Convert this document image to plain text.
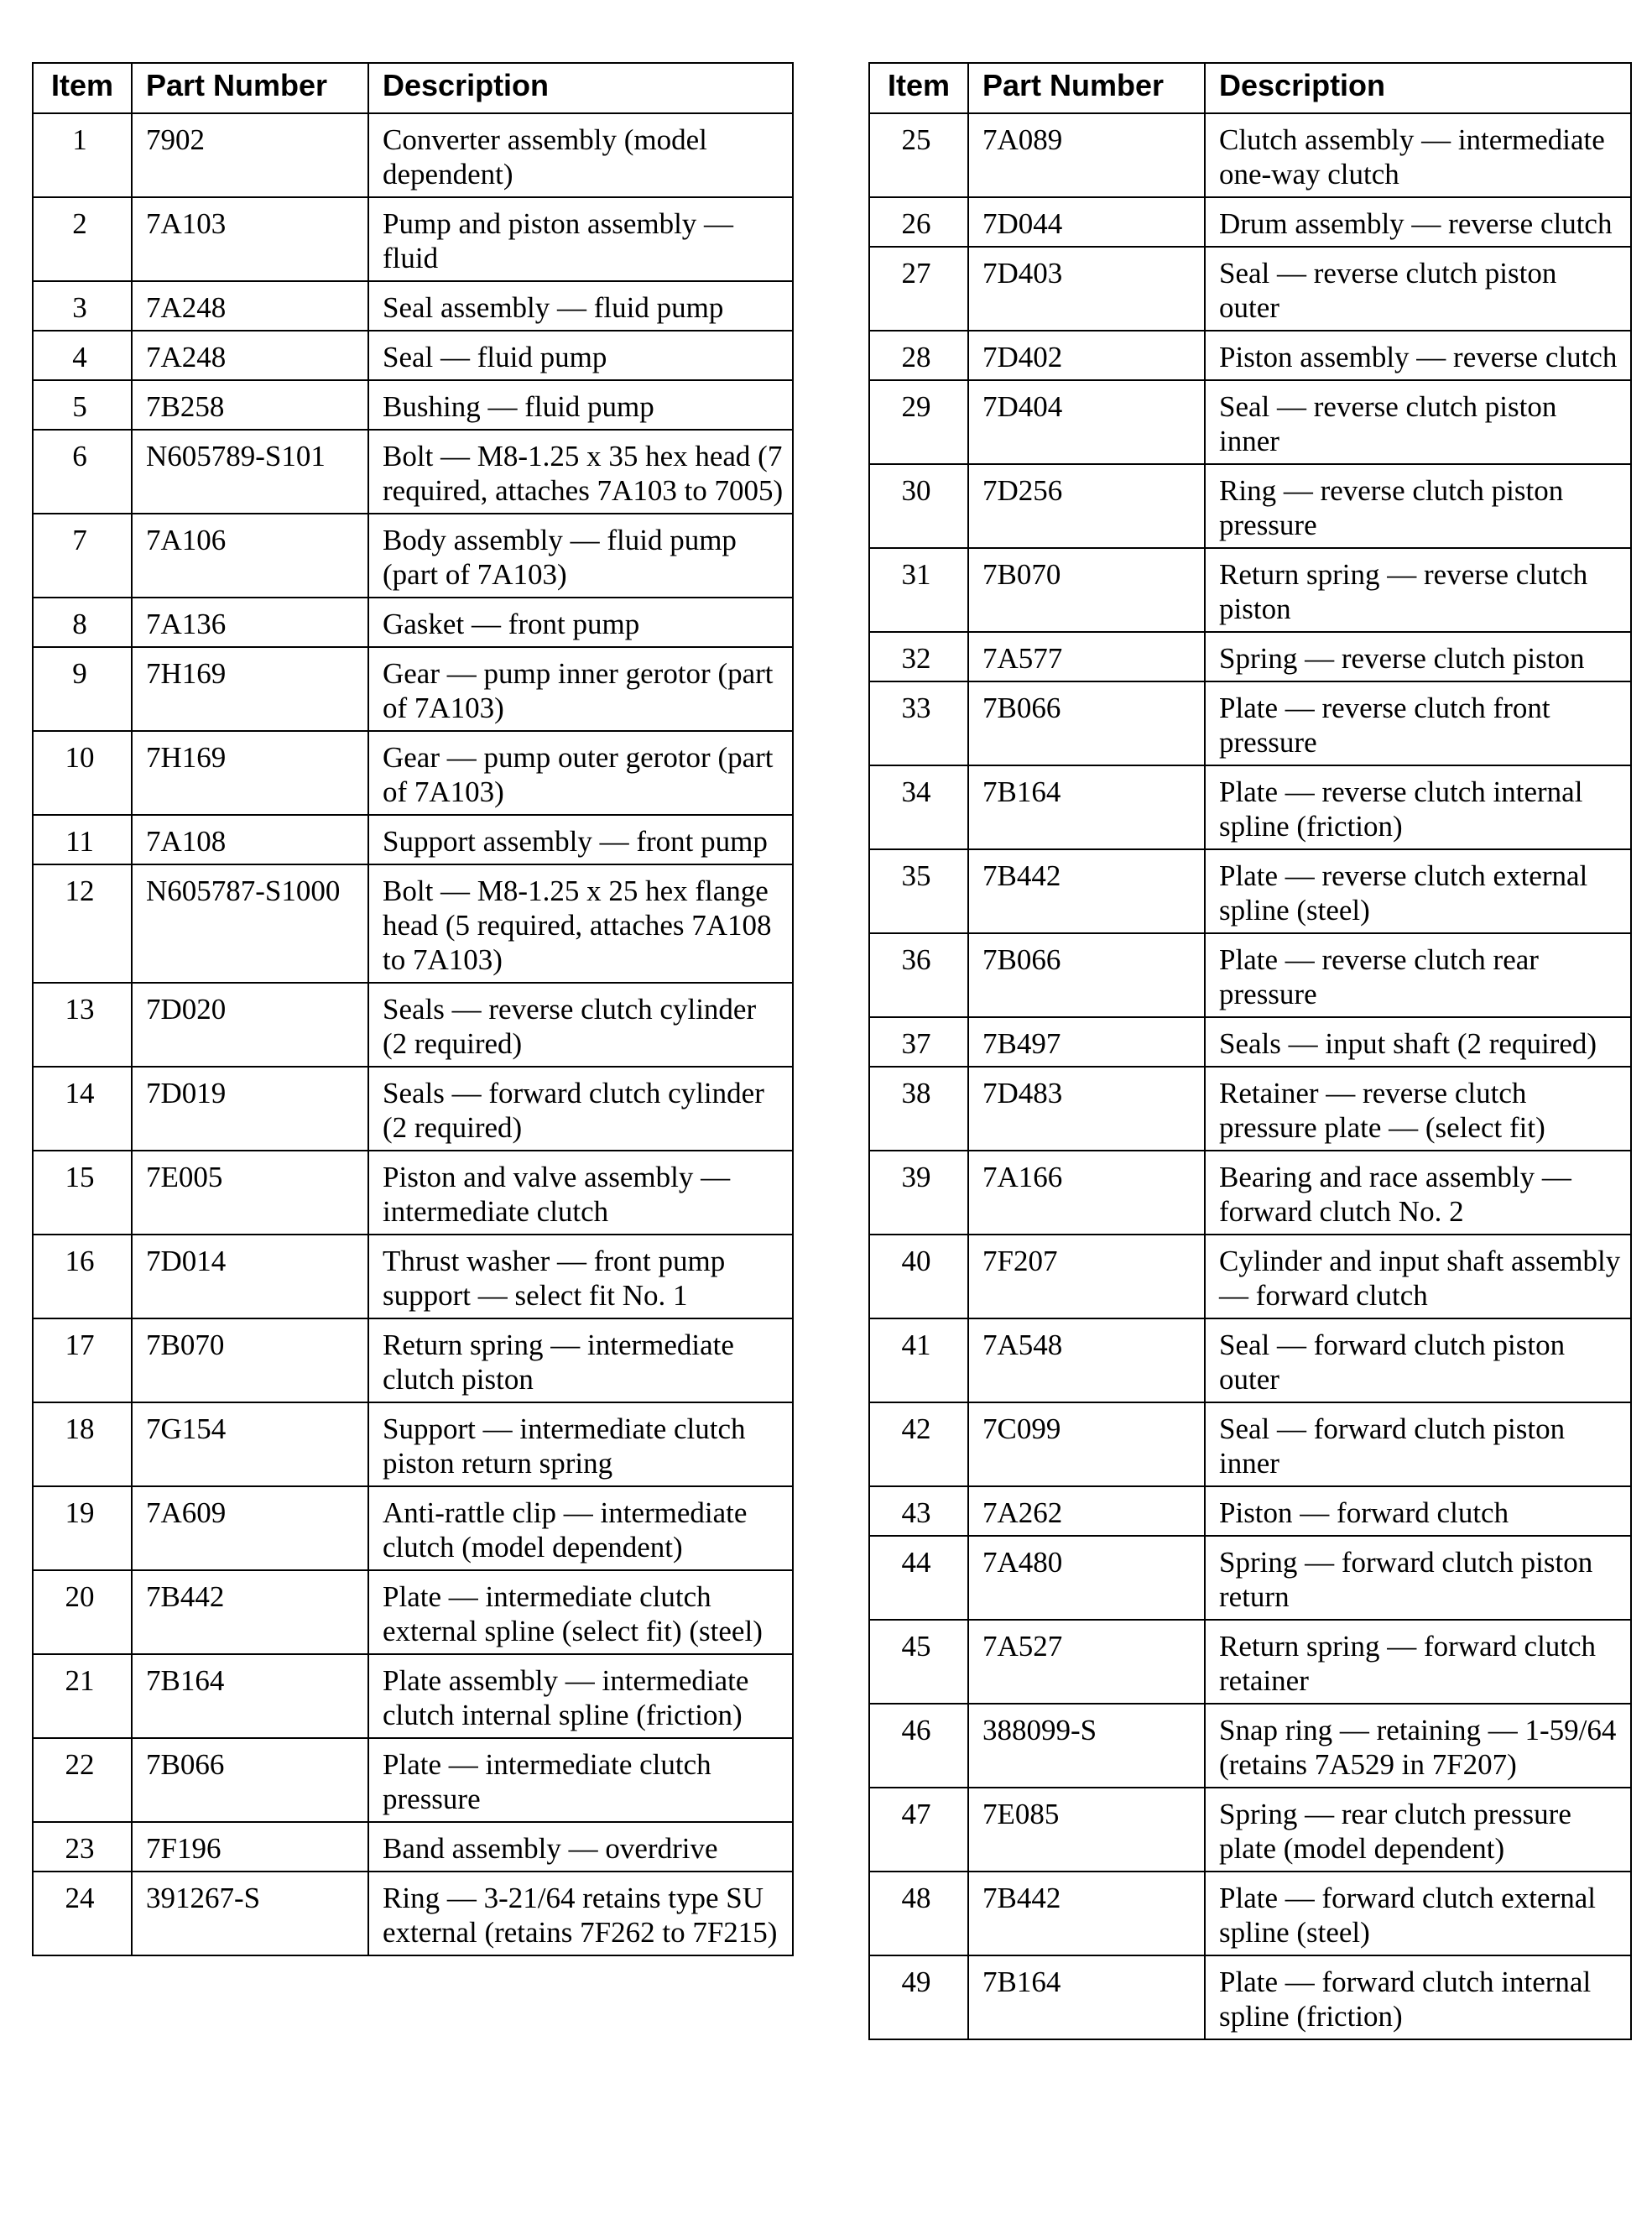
Item	Part Number	Description
1	7902	Converter assembly (model dependent)
2	7A103	Pump and piston assembly — fluid
3	7A248	Seal assembly — fluid pump
4	7A248	Seal — fluid pump
5	7B258	Bushing — fluid pump
6	N605789-S101	Bolt — M8-1.25 x 35 hex head (7 required, attaches 7A103 to 7005)
7	7A106	Body assembly — fluid pump (part of 7A103)
8	7A136	Gasket — front pump
9	7H169	Gear — pump inner gerotor (part of 7A103)
10	7H169	Gear — pump outer gerotor (part of 7A103)
11	7A108	Support assembly — front pump
12	N605787-S1000	Bolt — M8-1.25 x 25 hex flange head (5 required, attaches 7A108 to 7A103)
13	7D020	Seals — reverse clutch cylinder (2 required)
14	7D019	Seals — forward clutch cylinder (2 required)
15	7E005	Piston and valve assembly — intermediate clutch
16	7D014	Thrust washer — front pump support — select fit No. 1
17	7B070	Return spring — intermediate clutch piston
18	7G154	Support — intermediate clutch piston return spring
19	7A609	Anti-rattle clip — intermediate clutch (model dependent)
20	7B442	Plate — intermediate clutch external spline (select fit) (steel)
21	7B164	Plate assembly — intermediate clutch internal spline (friction)
22	7B066	Plate — intermediate clutch pressure
23	7F196	Band assembly — overdrive
24	391267-S	Ring — 3-21/64 retains type SU external (retains 7F262 to 7F215)
Item	Part Number	Description
25	7A089	Clutch assembly — intermediate one-way clutch
26	7D044	Drum assembly — reverse clutch
27	7D403	Seal — reverse clutch piston outer
28	7D402	Piston assembly — reverse clutch
29	7D404	Seal — reverse clutch piston inner
30	7D256	Ring — reverse clutch piston pressure
31	7B070	Return spring — reverse clutch piston
32	7A577	Spring — reverse clutch piston
33	7B066	Plate — reverse clutch front pressure
34	7B164	Plate — reverse clutch internal spline (friction)
35	7B442	Plate — reverse clutch external spline (steel)
36	7B066	Plate — reverse clutch rear pressure
37	7B497	Seals — input shaft (2 required)
38	7D483	Retainer — reverse clutch pressure plate — (select fit)
39	7A166	Bearing and race assembly — forward clutch No. 2
40	7F207	Cylinder and input shaft assembly — forward clutch
41	7A548	Seal — forward clutch piston outer
42	7C099	Seal — forward clutch piston inner
43	7A262	Piston — forward clutch
44	7A480	Spring — forward clutch piston return
45	7A527	Return spring — forward clutch retainer
46	388099-S	Snap ring — retaining — 1-59/64 (retains 7A529 in 7F207)
47	7E085	Spring — rear clutch pressure plate (model dependent)
48	7B442	Plate — forward clutch external spline (steel)
49	7B164	Plate — forward clutch internal spline (friction)
